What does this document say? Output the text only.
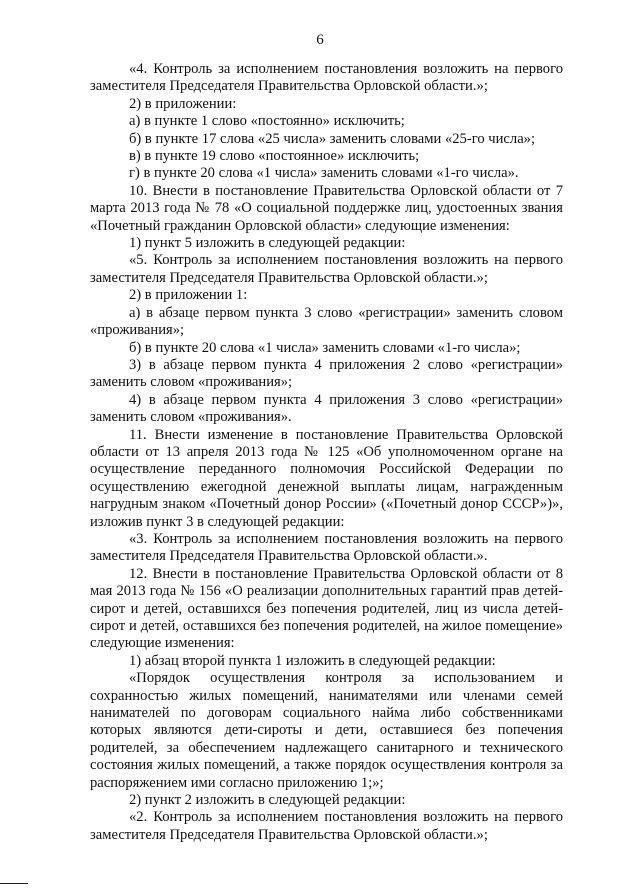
6

«4. Контроль за исполнением постановления возложить на первого заместителя Председателя Правительства Орловской области.»;

2) в приложении:

а) в пункте 1 слово «постоянно» исключить;

б) в пункте 17 слова «25 числа» заменить словами «25-го числа»;

в) в пункте 19 слово «постоянное» исключить;

г) в пункте 20 слова «1 числа» заменить словами «1-го числа».

10. Внести в постановление Правительства Орловской области от 7 марта 2013 года № 78 «О социальной поддержке лиц, удостоенных звания «Почетный гражданин Орловской области» следующие изменения:

1) пункт 5 изложить в следующей редакции:

«5. Контроль за исполнением постановления возложить на первого заместителя Председателя Правительства Орловской области.»;

2) в приложении 1:

а) в абзаце первом пункта 3 слово «регистрации» заменить словом «проживания»;

б) в пункте 20 слова «1 числа» заменить словами «1-го числа»;

3) в абзаце первом пункта 4 приложения 2 слово «регистрации» заменить словом «проживания»;

4) в абзаце первом пункта 4 приложения 3 слово «регистрации» заменить словом «проживания».

11. Внести изменение в постановление Правительства Орловской области от 13 апреля 2013 года № 125 «Об уполномоченном органе на осуществление переданного полномочия Российской Федерации по осуществлению ежегодной денежной выплаты лицам, награжденным нагрудным знаком «Почетный донор России» («Почетный донор СССР»)», изложив пункт 3 в следующей редакции:

«3. Контроль за исполнением постановления возложить на первого заместителя Председателя Правительства Орловской области.».

12. Внести в постановление Правительства Орловской области от 8 мая 2013 года № 156 «О реализации дополнительных гарантий прав детей-сирот и детей, оставшихся без попечения родителей, лиц из числа детей-сирот и детей, оставшихся без попечения родителей, на жилое помещение» следующие изменения:

1) абзац второй пункта 1 изложить в следующей редакции:

«Порядок осуществления контроля за использованием и сохранностью жилых помещений, нанимателями или членами семей нанимателей по договорам социального найма либо собственниками которых являются дети-сироты и дети, оставшиеся без попечения родителей, за обеспечением надлежащего санитарного и технического состояния жилых помещений, а также порядок осуществления контроля за распоряжением ими согласно приложению 1;»;

2) пункт 2 изложить в следующей редакции:

«2. Контроль за исполнением постановления возложить на первого заместителя Председателя Правительства Орловской области.»;
